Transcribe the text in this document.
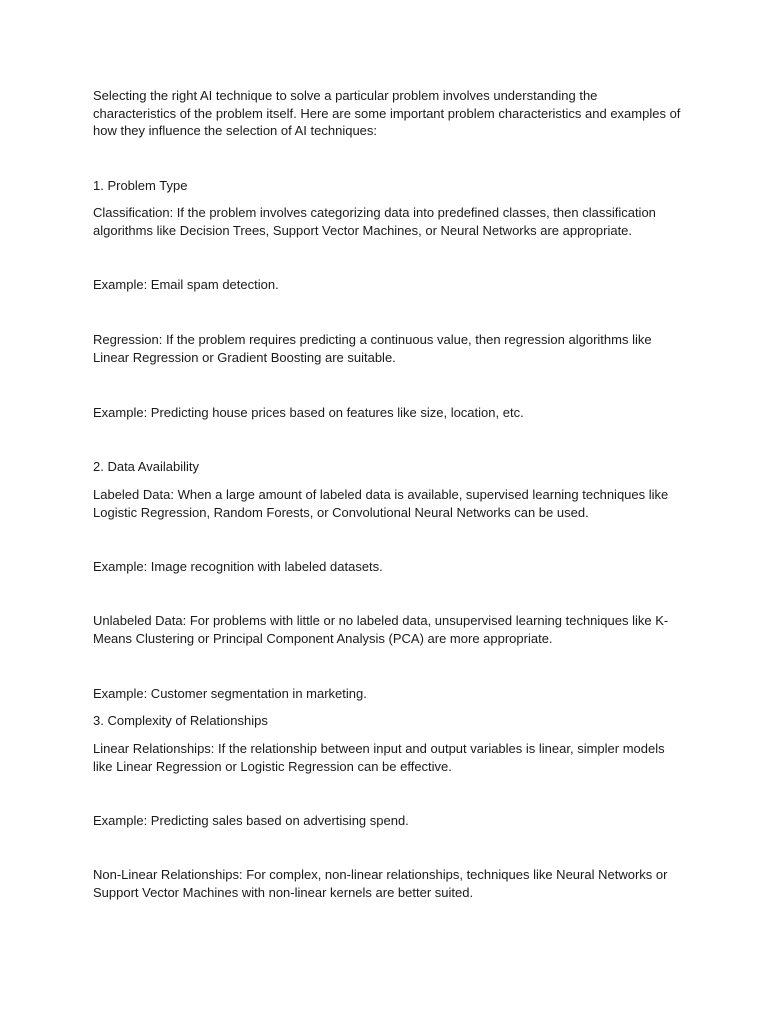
Selecting the right AI technique to solve a particular problem involves understanding the characteristics of the problem itself. Here are some important problem characteristics and examples of how they influence the selection of AI techniques:

1. Problem Type

Classification: If the problem involves categorizing data into predefined classes, then classification algorithms like Decision Trees, Support Vector Machines, or Neural Networks are appropriate.

Example: Email spam detection.

Regression: If the problem requires predicting a continuous value, then regression algorithms like Linear Regression or Gradient Boosting are suitable.

Example: Predicting house prices based on features like size, location, etc.

2. Data Availability

Labeled Data: When a large amount of labeled data is available, supervised learning techniques like Logistic Regression, Random Forests, or Convolutional Neural Networks can be used.

Example: Image recognition with labeled datasets.

Unlabeled Data: For problems with little or no labeled data, unsupervised learning techniques like K-Means Clustering or Principal Component Analysis (PCA) are more appropriate.

Example: Customer segmentation in marketing.

3. Complexity of Relationships

Linear Relationships: If the relationship between input and output variables is linear, simpler models like Linear Regression or Logistic Regression can be effective.

Example: Predicting sales based on advertising spend.

Non-Linear Relationships: For complex, non-linear relationships, techniques like Neural Networks or Support Vector Machines with non-linear kernels are better suited.
